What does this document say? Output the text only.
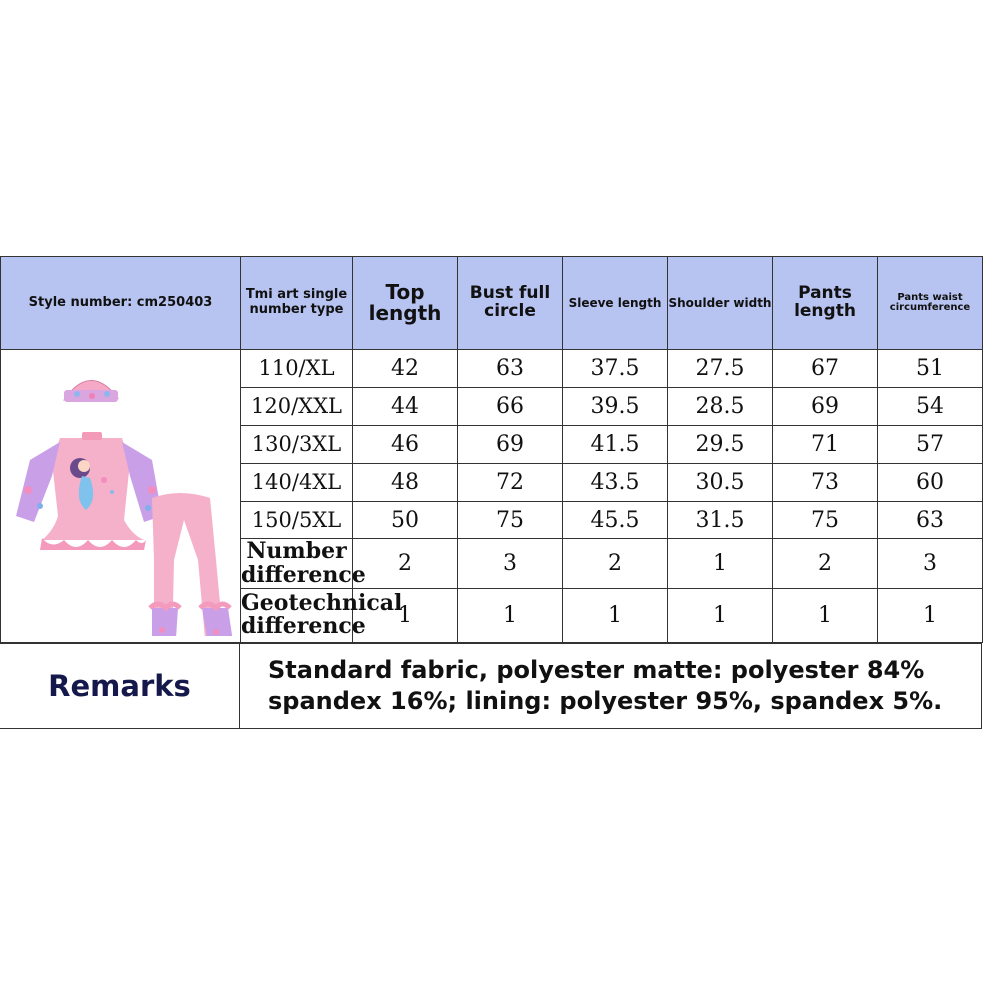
Style number: cm250403	Tmi art single number type	Top length	Bust full circle	Sleeve length	Shoulder width	Pants length	Pants waist circumference
	110/XL	42	63	37.5	27.5	67	51
	120/XXL	44	66	39.5	28.5	69	54
	130/3XL	46	69	41.5	29.5	71	57
	140/4XL	48	72	43.5	30.5	73	60
	150/5XL	50	75	45.5	31.5	75	63
	Number difference	2	3	2	1	2	3
	Geotechnical difference	1	1	1	1	1	1
Remarks	Standard fabric, polyester matte: polyester 84%
spandex 16%; lining: polyester 95%, spandex 5%.
